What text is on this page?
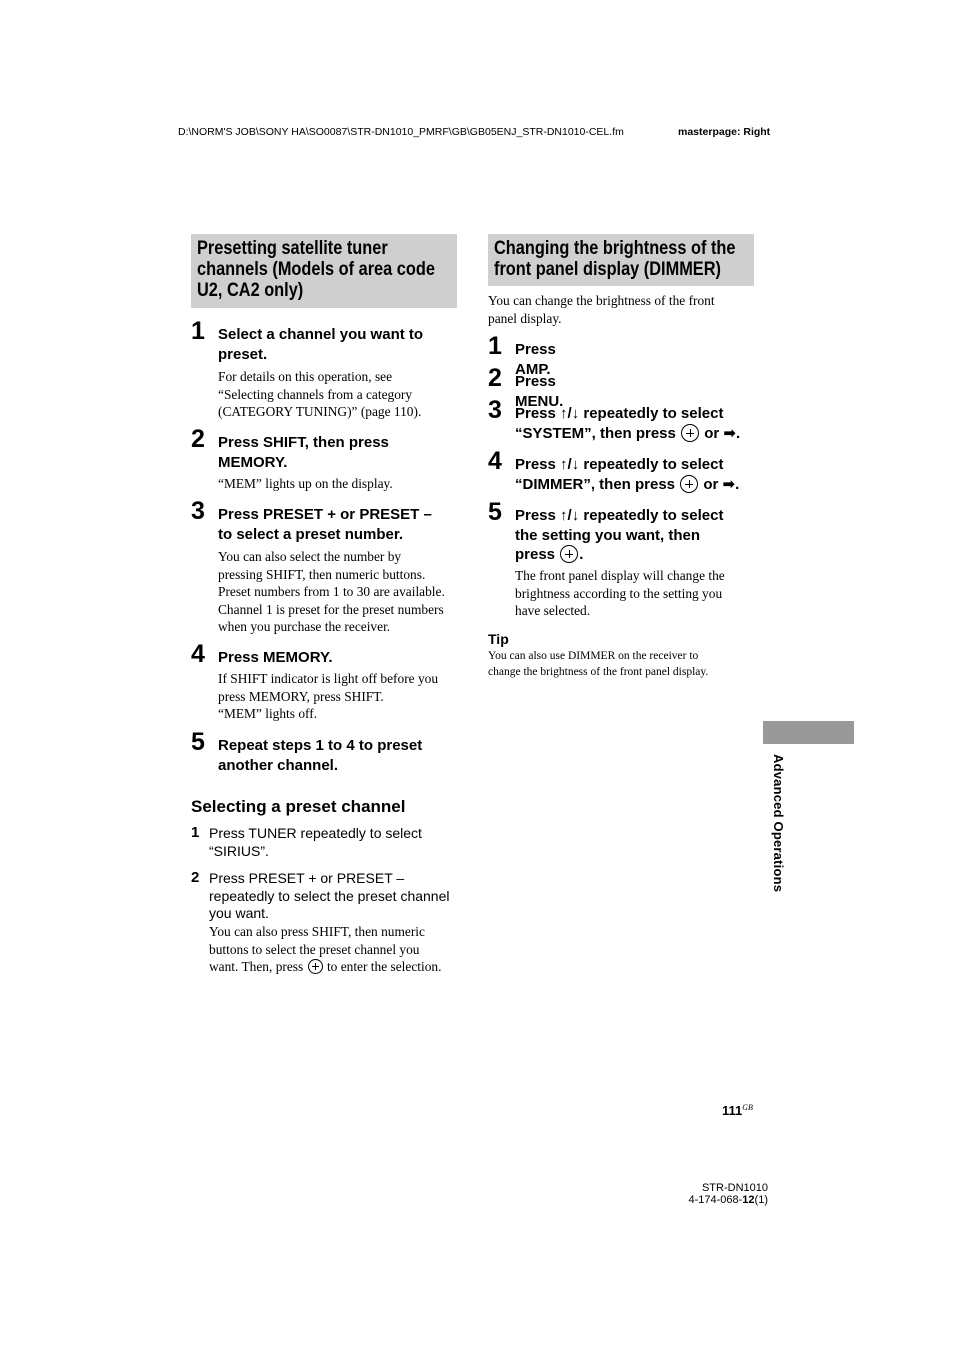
D:\NORM'S JOB\SONY HA\SO0087\STR-DN1010_PMRF\GB\GB05ENJ_STR-DN1010-CEL.fm	masterpage: Right
Presetting satellite tuner channels (Models of area code U2, CA2 only)
1 Select a channel you want to
preset.
For details on this operation, see
“Selecting channels from a category
(CATEGORY TUNING)” (page 110).
2 Press SHIFT, then press
MEMORY.
“MEM” lights up on the display.
3 Press PRESET + or PRESET –
to select a preset number.
You can also select the number by
pressing SHIFT, then numeric buttons.
Preset numbers from 1 to 30 are available.
Channel 1 is preset for the preset numbers
when you purchase the receiver.
4 Press MEMORY.
If SHIFT indicator is light off before you
press MEMORY, press SHIFT.
“MEM” lights off.
5 Repeat steps 1 to 4 to preset
another channel.
Selecting a preset channel
1 Press TUNER repeatedly to select
“SIRIUS”.
2 Press PRESET + or PRESET –
repeatedly to select the preset channel
you want.
You can also press SHIFT, then numeric
buttons to select the preset channel you
want. Then, press to enter the selection.
Changing the brightness of the front panel display (DIMMER)
You can change the brightness of the front
panel display.
1 Press AMP.
2 Press MENU.
3 Press ↑/↓ repeatedly to select
“SYSTEM”, then press or ➡.
4 Press ↑/↓ repeatedly to select
“DIMMER”, then press or ➡.
5 Press ↑/↓ repeatedly to select
the setting you want, then
press .
The front panel display will change the
brightness according to the setting you
have selected.
Tip
You can also use DIMMER on the receiver to
change the brightness of the front panel display.
Advanced Operations
$111^{GB}$
STR-DN1010
4-174-068-12(1)
